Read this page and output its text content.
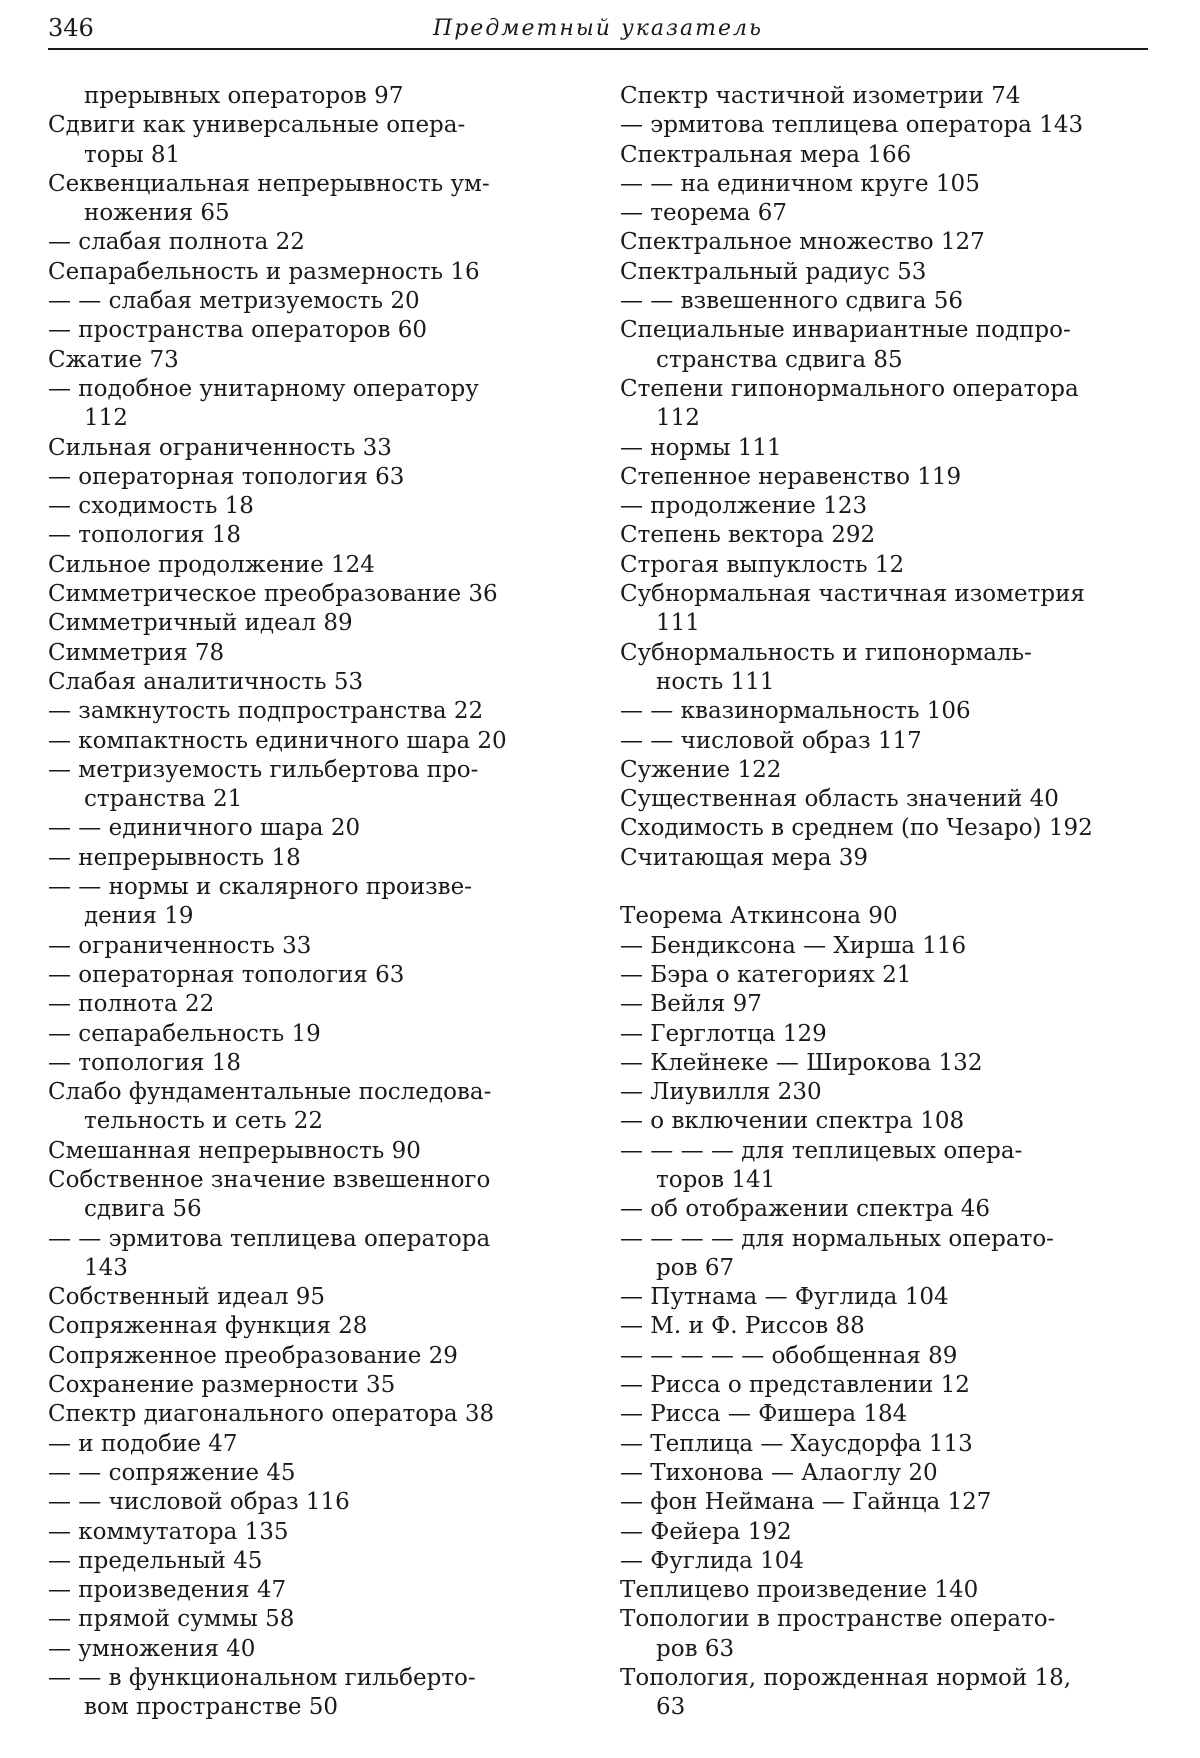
346	Предметный указатель
прерывных операторов 97
Сдвиги как универсальные опера-
торы 81
Секвенциальная непрерывность ум-
ножения 65
— слабая полнота 22
Сепарабельность и размерность 16
— — слабая метризуемость 20
— пространства операторов 60
Сжатие 73
— подобное унитарному оператору
112
Сильная ограниченность 33
— операторная топология 63
— сходимость 18
— топология 18
Сильное продолжение 124
Симметрическое преобразование 36
Симметричный идеал 89
Симметрия 78
Слабая аналитичность 53
— замкнутость подпространства 22
— компактность единичного шара 20
— метризуемость гильбертова про-
странства 21
— — единичного шара 20
— непрерывность 18
— — нормы и скалярного произве-
дения 19
— ограниченность 33
— операторная топология 63
— полнота 22
— сепарабельность 19
— топология 18
Слабо фундаментальные последова-
тельность и сеть 22
Смешанная непрерывность 90
Собственное значение взвешенного
сдвига 56
— — эрмитова теплицева оператора
143
Собственный идеал 95
Сопряженная функция 28
Сопряженное преобразование 29
Сохранение размерности 35
Спектр диагонального оператора 38
— и подобие 47
— — сопряжение 45
— — числовой образ 116
— коммутатора 135
— предельный 45
— произведения 47
— прямой суммы 58
— умножения 40
— — в функциональном гильберто-
вом пространстве 50
Спектр частичной изометрии 74
— эрмитова теплицева оператора 143
Спектральная мера 166
— — на единичном круге 105
— теорема 67
Спектральное множество 127
Спектральный радиус 53
— — взвешенного сдвига 56
Специальные инвариантные подпро-
странства сдвига 85
Степени гипонормального оператора
112
— нормы 111
Степенное неравенство 119
— продолжение 123
Степень вектора 292
Строгая выпуклость 12
Субнормальная частичная изометрия
111
Субнормальность и гипонормаль-
ность 111
— — квазинормальность 106
— — числовой образ 117
Сужение 122
Существенная область значений 40
Сходимость в среднем (по Чезаро) 192
Считающая мера 39
Теорема Аткинсона 90
— Бендиксона — Хирша 116
— Бэра о категориях 21
— Вейля 97
— Герглотца 129
— Клейнеке — Широкова 132
— Лиувилля 230
— о включении спектра 108
— — — — для теплицевых опера-
торов 141
— об отображении спектра 46
— — — — для нормальных операто-
ров 67
— Путнама — Фуглида 104
— М. и Ф. Риссов 88
— — — — — обобщенная 89
— Рисса о представлении 12
— Рисса — Фишера 184
— Теплица — Хаусдорфа 113
— Тихонова — Алаоглу 20
— фон Неймана — Гайнца 127
— Фейера 192
— Фуглида 104
Теплицево произведение 140
Топологии в пространстве операто-
ров 63
Топология, порожденная нормой 18,
63
